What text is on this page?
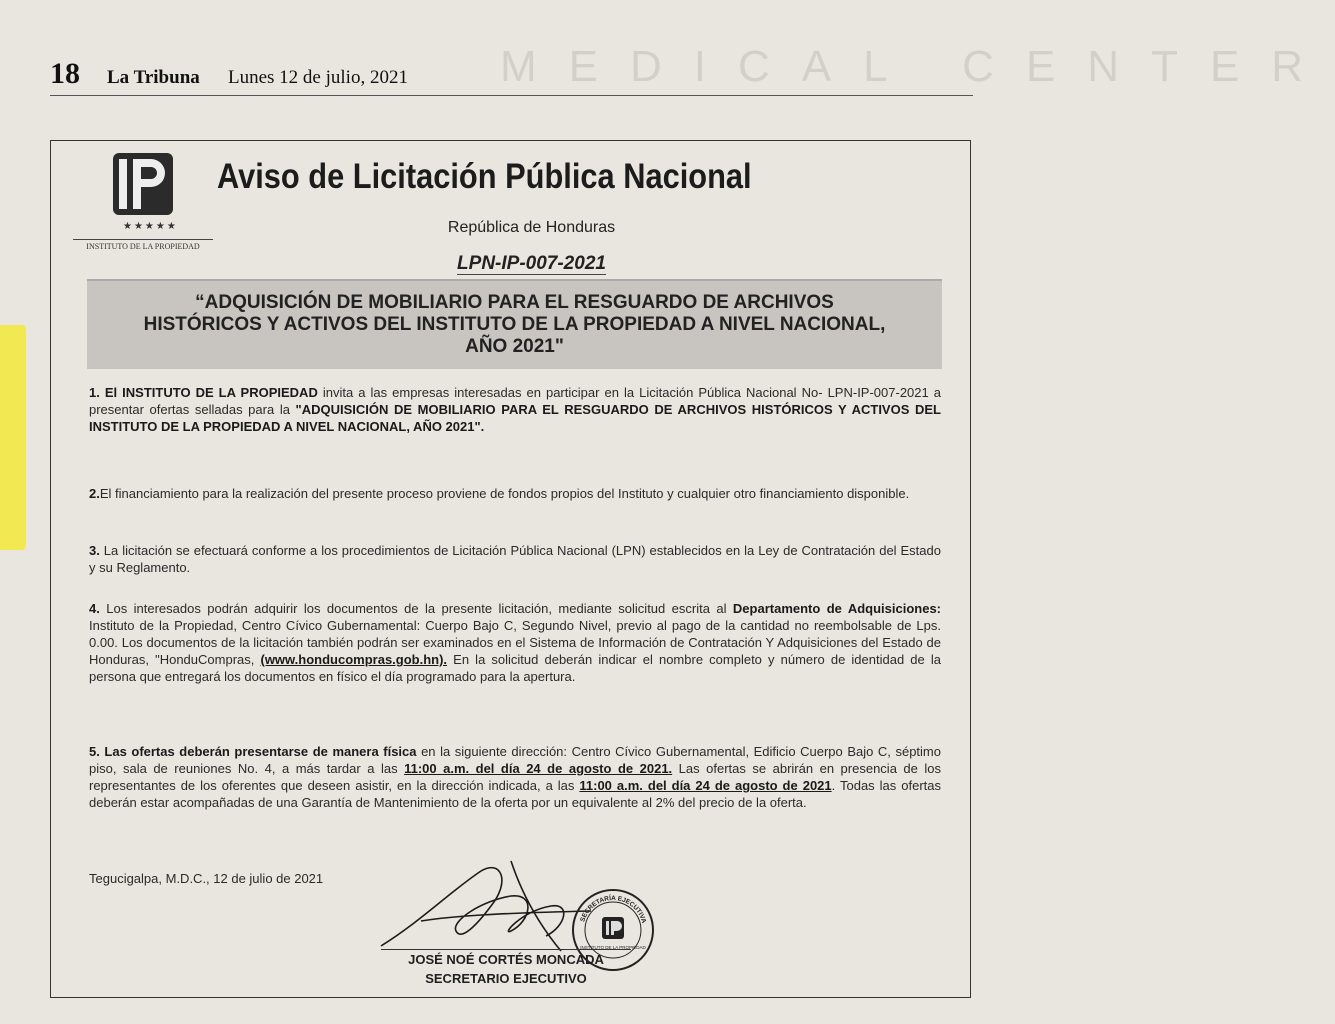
18 La Tribuna Lunes 12 de julio, 2021 MEDICAL CENTER
★★★★★
INSTITUTO DE LA PROPIEDAD
Aviso de Licitación Pública Nacional
República de Honduras
LPN-IP-007-2021
“ADQUISICIÓN DE MOBILIARIO PARA EL RESGUARDO DE ARCHIVOS HISTÓRICOS Y ACTIVOS DEL INSTITUTO DE LA PROPIEDAD A NIVEL NACIONAL, AÑO 2021"
1. El INSTITUTO DE LA PROPIEDAD invita a las empresas interesadas en participar en la Licitación Pública Nacional No- LPN-IP-007-2021 a presentar ofertas selladas para la "ADQUISICIÓN DE MOBILIARIO PARA EL RESGUARDO DE ARCHIVOS HISTÓRICOS Y ACTIVOS DEL INSTITUTO DE LA PROPIEDAD A NIVEL NACIONAL, AÑO 2021".
2.El financiamiento para la realización del presente proceso proviene de fondos propios del Instituto y cualquier otro financiamiento disponible.
3. La licitación se efectuará conforme a los procedimientos de Licitación Pública Nacional (LPN) establecidos en la Ley de Contratación del Estado y su Reglamento.
4. Los interesados podrán adquirir los documentos de la presente licitación, mediante solicitud escrita al Departamento de Adquisiciones: Instituto de la Propiedad, Centro Cívico Gubernamental: Cuerpo Bajo C, Segundo Nivel, previo al pago de la cantidad no reembolsable de Lps. 0.00. Los documentos de la licitación también podrán ser examinados en el Sistema de Información de Contratación Y Adquisiciones del Estado de Honduras, "HonduCompras, (www.honducompras.gob.hn). En la solicitud deberán indicar el nombre completo y número de identidad de la persona que entregará los documentos en físico el día programado para la apertura.
5. Las ofertas deberán presentarse de manera física en la siguiente dirección: Centro Cívico Gubernamental, Edificio Cuerpo Bajo C, séptimo piso, sala de reuniones No. 4, a más tardar a las 11:00 a.m. del día 24 de agosto de 2021. Las ofertas se abrirán en presencia de los representantes de los oferentes que deseen asistir, en la dirección indicada, a las 11:00 a.m. del día 24 de agosto de 2021. Todas las ofertas deberán estar acompañadas de una Garantía de Mantenimiento de la oferta por un equivalente al 2% del precio de la oferta.
Tegucigalpa, M.D.C., 12 de julio de 2021
SECRETARÍA EJECUTIVA
INSTITUTO DE LA PROPIEDAD
JOSÉ NOÉ CORTÉS MONCADA
SECRETARIO EJECUTIVO
